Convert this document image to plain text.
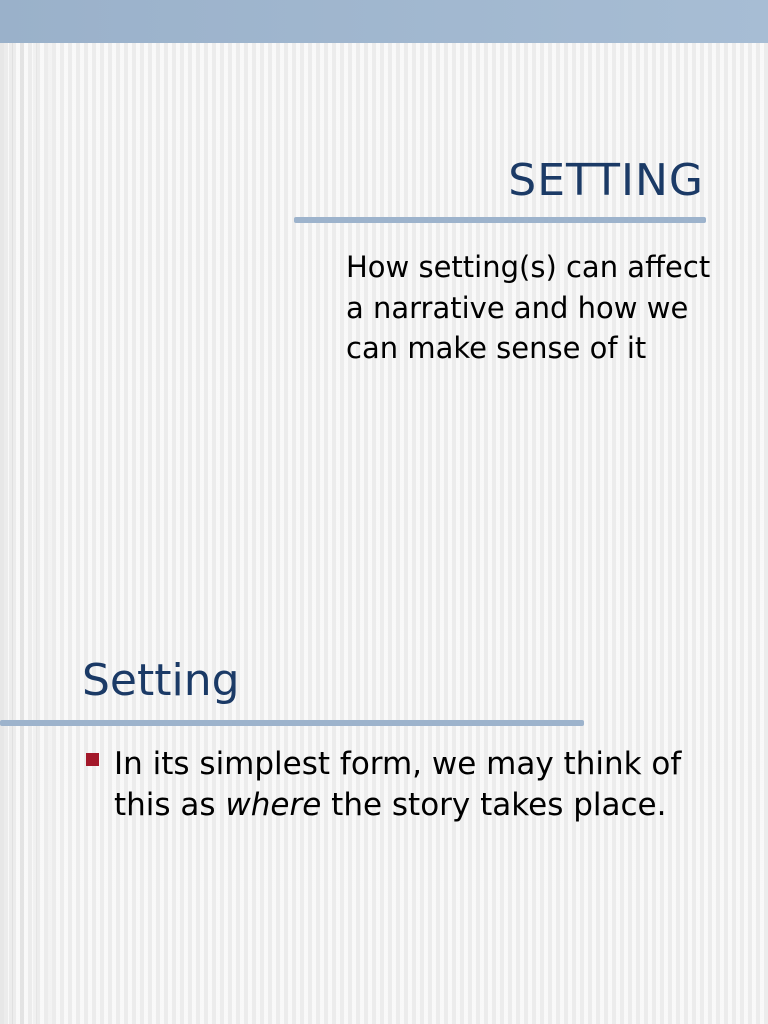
SETTING
How setting(s) can affect a narrative and how we can make sense of it
Setting
In its simplest form, we may think of this as where the story takes place.
